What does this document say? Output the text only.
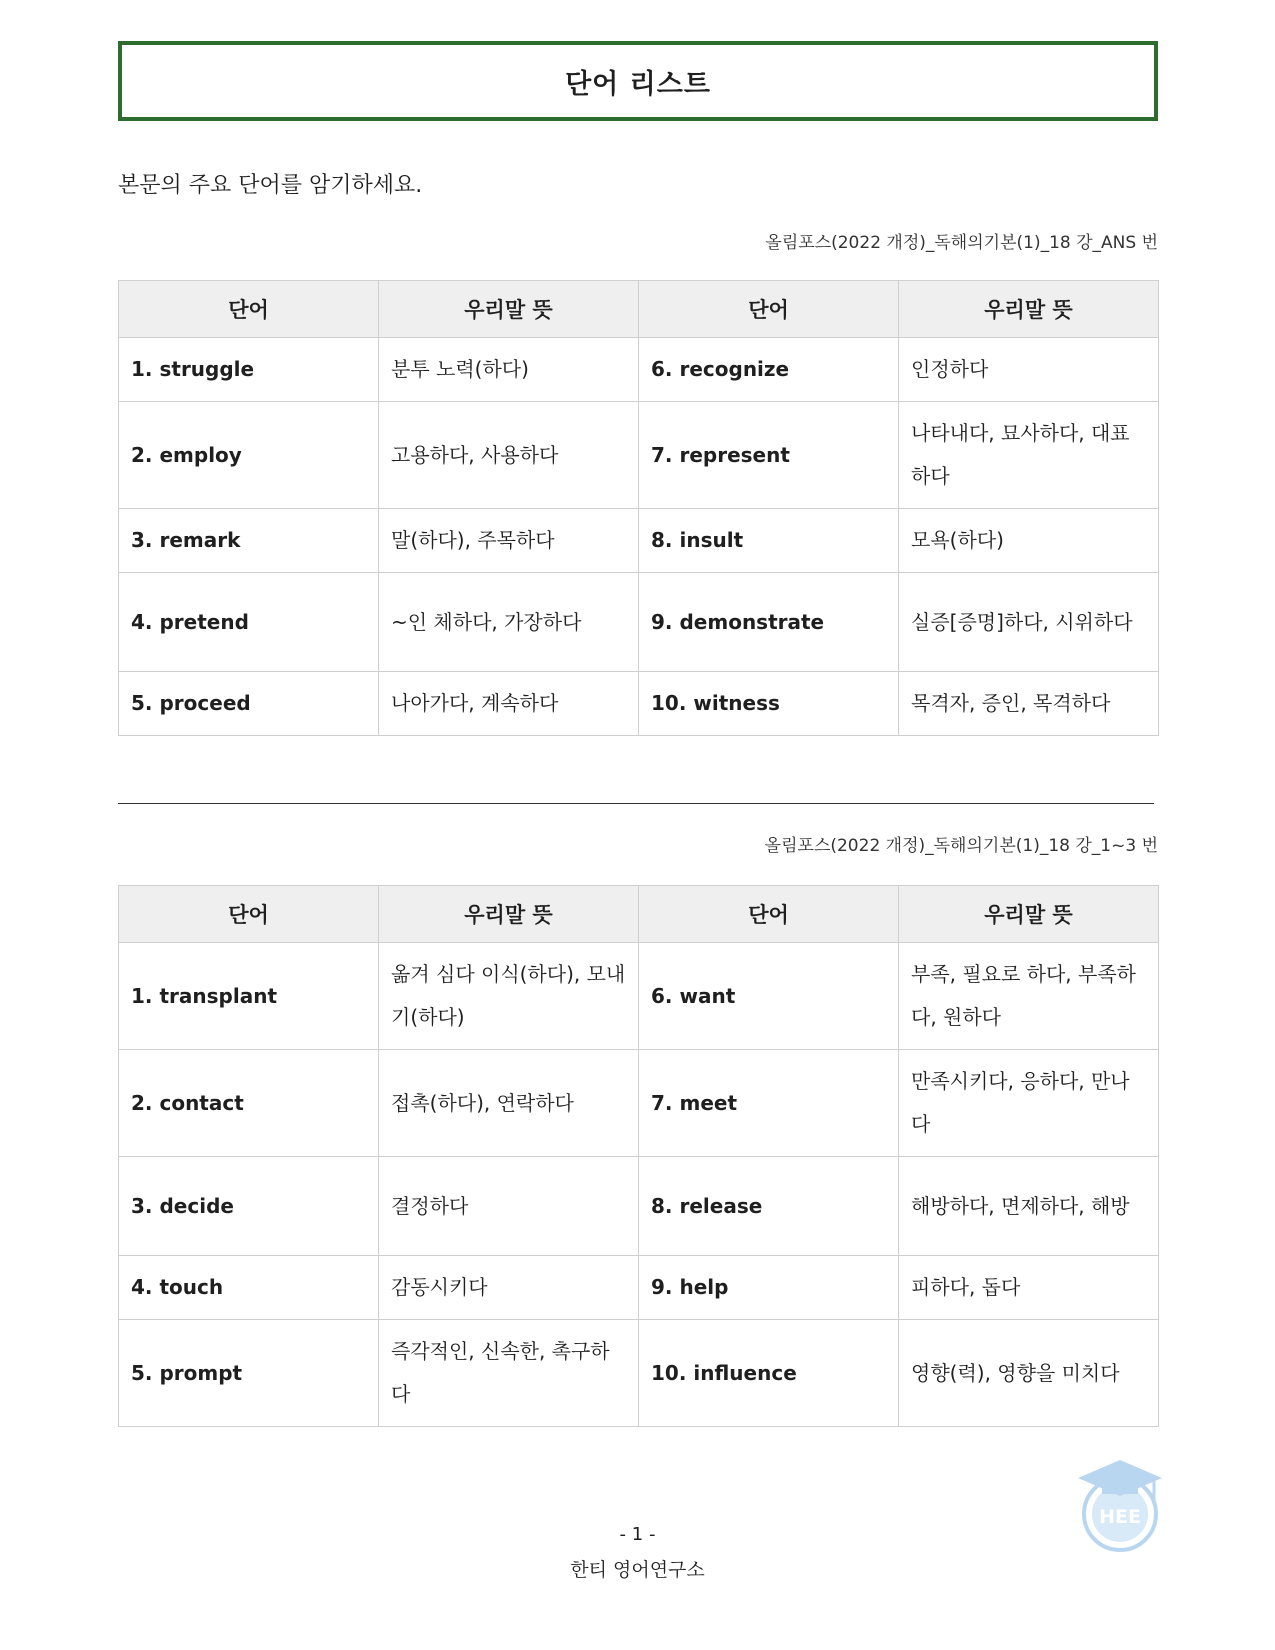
단어 리스트
본문의 주요 단어를 암기하세요.
올림포스(2022 개정)_독해의기본(1)_18 강_ANS 번
단어	우리말 뜻	단어	우리말 뜻
1. struggle	분투 노력(하다)	6. recognize	인정하다
2. employ	고용하다, 사용하다	7. represent	나타내다, 묘사하다, 대표하다
3. remark	말(하다), 주목하다	8. insult	모욕(하다)
4. pretend	~인 체하다, 가장하다	9. demonstrate	실증[증명]하다, 시위하다
5. proceed	나아가다, 계속하다	10. witness	목격자, 증인, 목격하다
올림포스(2022 개정)_독해의기본(1)_18 강_1~3 번
단어	우리말 뜻	단어	우리말 뜻
1. transplant	옮겨 심다 이식(하다), 모내기(하다)	6. want	부족, 필요로 하다, 부족하다, 원하다
2. contact	접촉(하다), 연락하다	7. meet	만족시키다, 응하다, 만나다
3. decide	결정하다	8. release	해방하다, 면제하다, 해방
4. touch	감동시키다	9. help	피하다, 돕다
5. prompt	즉각적인, 신속한, 촉구하다	10. influence	영향(력), 영향을 미치다
HEE
- 1 -
한티 영어연구소
